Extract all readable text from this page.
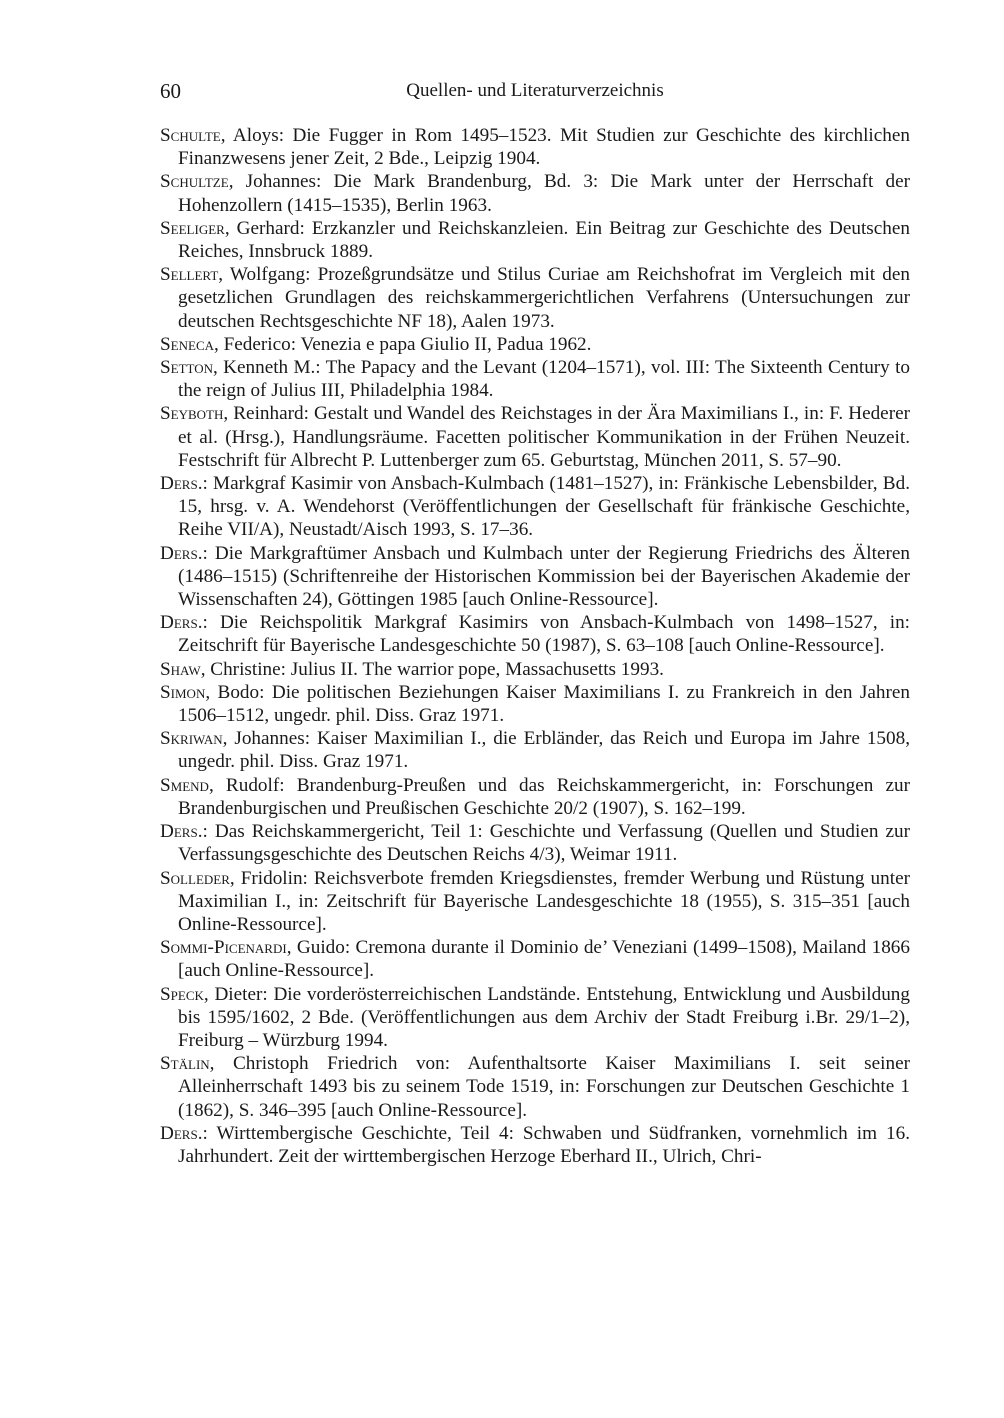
60	Quellen- und Literaturverzeichnis
Schulte, Aloys: Die Fugger in Rom 1495–1523. Mit Studien zur Geschichte des kirchlichen Finanzwesens jener Zeit, 2 Bde., Leipzig 1904.
Schultze, Johannes: Die Mark Brandenburg, Bd. 3: Die Mark unter der Herrschaft der Hohenzollern (1415–1535), Berlin 1963.
Seeliger, Gerhard: Erzkanzler und Reichskanzleien. Ein Beitrag zur Geschichte des Deutschen Reiches, Innsbruck 1889.
Sellert, Wolfgang: Prozeßgrundsätze und Stilus Curiae am Reichshofrat im Vergleich mit den gesetzlichen Grundlagen des reichskammergerichtlichen Verfahrens (Untersuchungen zur deutschen Rechtsgeschichte NF 18), Aalen 1973.
Seneca, Federico: Venezia e papa Giulio II, Padua 1962.
Setton, Kenneth M.: The Papacy and the Levant (1204–1571), vol. III: The Sixteenth Century to the reign of Julius III, Philadelphia 1984.
Seyboth, Reinhard: Gestalt und Wandel des Reichstages in der Ära Maximilians I., in: F. Hederer et al. (Hrsg.), Handlungsräume. Facetten politischer Kommunikation in der Frühen Neuzeit. Festschrift für Albrecht P. Luttenberger zum 65. Geburtstag, München 2011, S. 57–90.
Ders.: Markgraf Kasimir von Ansbach-Kulmbach (1481–1527), in: Fränkische Lebensbilder, Bd. 15, hrsg. v. A. Wendehorst (Veröffentlichungen der Gesellschaft für fränkische Geschichte, Reihe VII/A), Neustadt/Aisch 1993, S. 17–36.
Ders.: Die Markgraftümer Ansbach und Kulmbach unter der Regierung Friedrichs des Älteren (1486–1515) (Schriftenreihe der Historischen Kommission bei der Bayerischen Akademie der Wissenschaften 24), Göttingen 1985 [auch Online-Ressource].
Ders.: Die Reichspolitik Markgraf Kasimirs von Ansbach-Kulmbach von 1498–1527, in: Zeitschrift für Bayerische Landesgeschichte 50 (1987), S. 63–108 [auch Online-Ressource].
Shaw, Christine: Julius II. The warrior pope, Massachusetts 1993.
Simon, Bodo: Die politischen Beziehungen Kaiser Maximilians I. zu Frankreich in den Jahren 1506–1512, ungedr. phil. Diss. Graz 1971.
Skriwan, Johannes: Kaiser Maximilian I., die Erbländer, das Reich und Europa im Jahre 1508, ungedr. phil. Diss. Graz 1971.
Smend, Rudolf: Brandenburg-Preußen und das Reichskammergericht, in: Forschungen zur Brandenburgischen und Preußischen Geschichte 20/2 (1907), S. 162–199.
Ders.: Das Reichskammergericht, Teil 1: Geschichte und Verfassung (Quellen und Studien zur Verfassungsgeschichte des Deutschen Reichs 4/3), Weimar 1911.
Solleder, Fridolin: Reichsverbote fremden Kriegsdienstes, fremder Werbung und Rüstung unter Maximilian I., in: Zeitschrift für Bayerische Landesgeschichte 18 (1955), S. 315–351 [auch Online-Ressource].
Sommi-Picenardi, Guido: Cremona durante il Dominio de’ Veneziani (1499–1508), Mailand 1866 [auch Online-Ressource].
Speck, Dieter: Die vorderösterreichischen Landstände. Entstehung, Entwicklung und Ausbildung bis 1595/1602, 2 Bde. (Veröffentlichungen aus dem Archiv der Stadt Freiburg i.Br. 29/1–2), Freiburg – Würzburg 1994.
Stälin, Christoph Friedrich von: Aufenthaltsorte Kaiser Maximilians I. seit seiner Alleinherrschaft 1493 bis zu seinem Tode 1519, in: Forschungen zur Deutschen Geschichte 1 (1862), S. 346–395 [auch Online-Ressource].
Ders.: Wirttembergische Geschichte, Teil 4: Schwaben und Südfranken, vornehmlich im 16. Jahrhundert. Zeit der wirttembergischen Herzoge Eberhard II., Ulrich, Chri-
